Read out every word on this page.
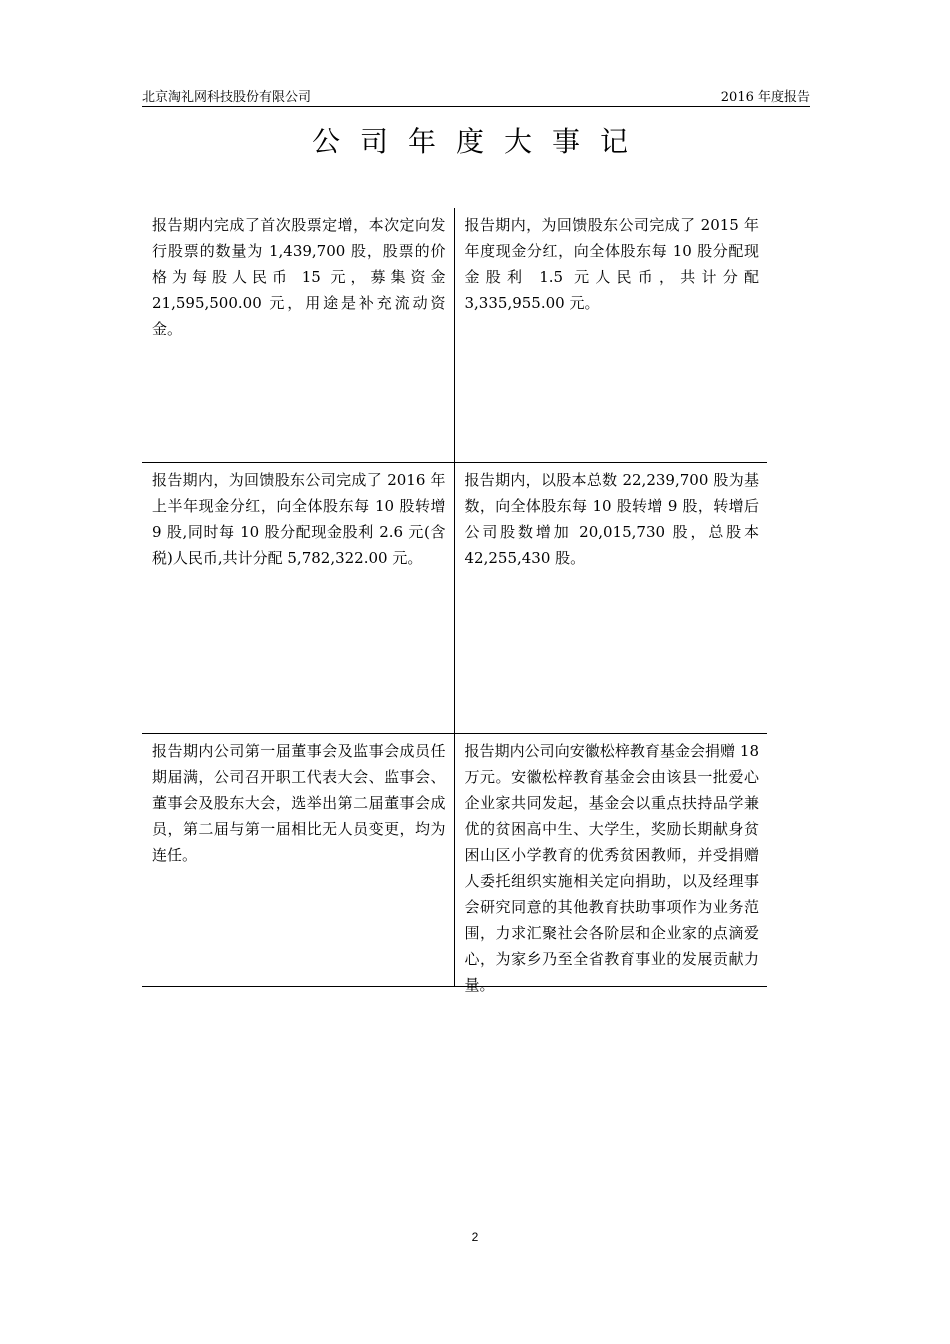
北京淘礼网科技股份有限公司	2016 年度报告
公司年度大事记
报告期内完成了首次股票定增，本次定向发行股票的数量为 1,439,700 股，股票的价格为每股人民币 15 元，募集资金 21,595,500.00 元，用途是补充流动资金。
报告期内，为回馈股东公司完成了 2015 年年度现金分红，向全体股东每 10 股分配现金股利 1.5 元人民币，共计分配 3,335,955.00 元。
报告期内，为回馈股东公司完成了 2016 年上半年现金分红，向全体股东每 10 股转增 9 股,同时每 10 股分配现金股利 2.6 元(含税)人民币,共计分配 5,782,322.00 元。
报告期内，以股本总数 22,239,700 股为基数，向全体股东每 10 股转增 9 股，转增后公司股数增加 20,015,730 股，总股本 42,255,430 股。
报告期内公司第一届董事会及监事会成员任期届满，公司召开职工代表大会、监事会、董事会及股东大会，选举出第二届董事会成员，第二届与第一届相比无人员变更，均为连任。
报告期内公司向安徽松梓教育基金会捐赠 18 万元。安徽松梓教育基金会由该县一批爱心企业家共同发起，基金会以重点扶持品学兼优的贫困高中生、大学生，奖励长期献身贫困山区小学教育的优秀贫困教师，并受捐赠人委托组织实施相关定向捐助，以及经理事会研究同意的其他教育扶助事项作为业务范围，力求汇聚社会各阶层和企业家的点滴爱心，为家乡乃至全省教育事业的发展贡献力量。
2
